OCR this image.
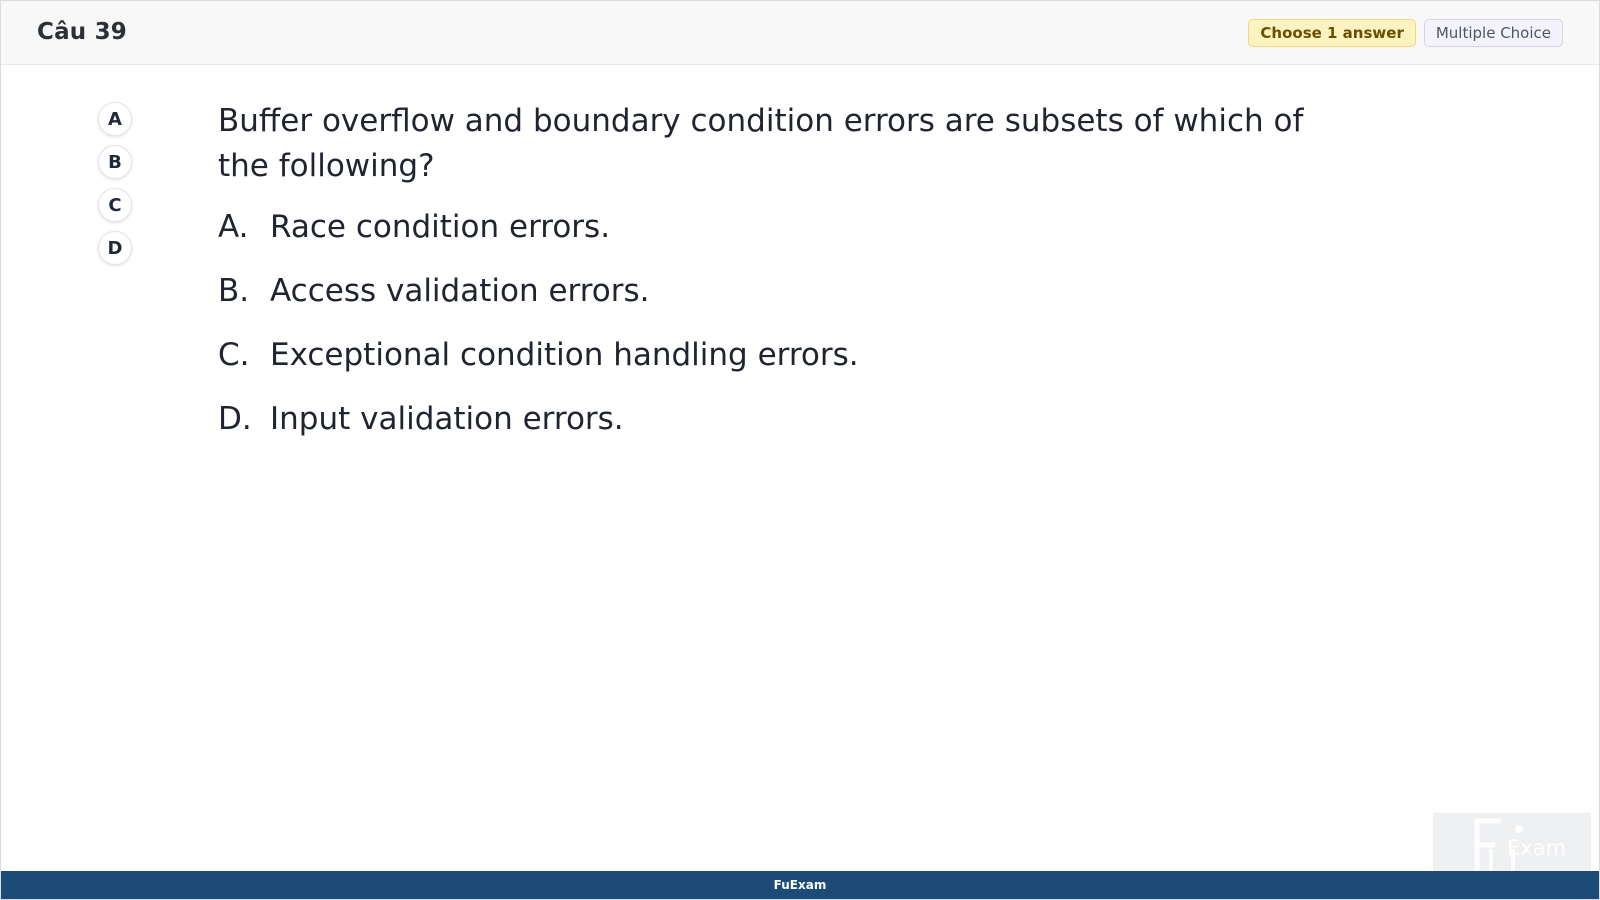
Câu 39	Choose 1 answer	Multiple Choice
A
B
C
D
Buffer overflow and boundary condition errors are subsets of which of the following?
A. Race condition errors.
B. Access validation errors.
C. Exceptional condition handling errors.
D. Input validation errors.
Exam
FuExam
